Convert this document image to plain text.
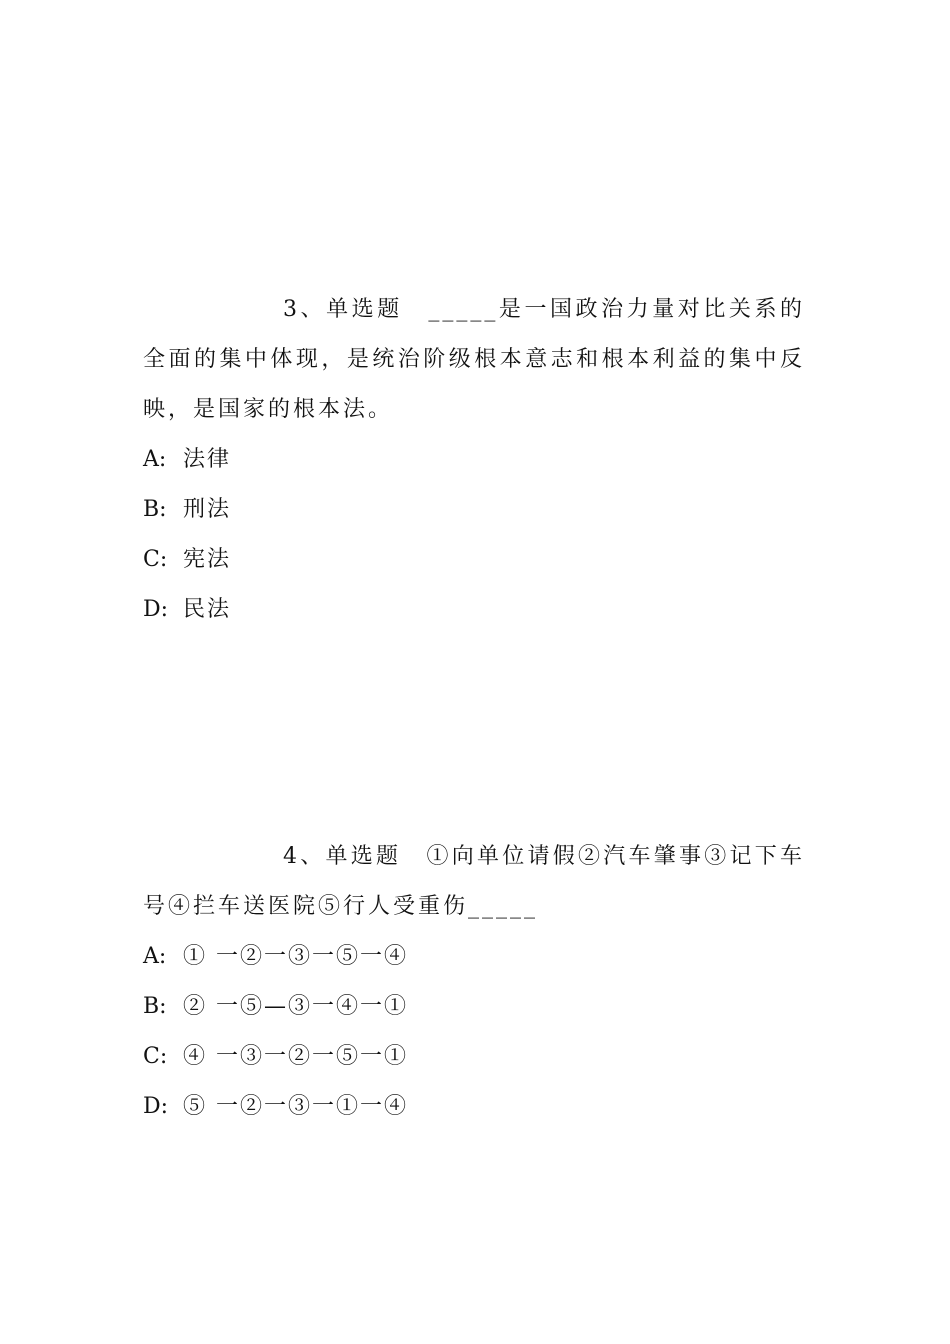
3、单选题　_____是一国政治力量对比关系的全面的集中体现，是统治阶级根本意志和根本利益的集中反映，是国家的根本法。

A: 法律
B: 刑法
C: 宪法
D: 民法

4、单选题　①向单位请假②汽车肇事③记下车号④拦车送医院⑤行人受重伤_____

A: ① 一②一③一⑤一④
B: ② 一⑤—③一④一①
C: ④ 一③一②一⑤一①
D: ⑤ 一②一③一①一④
